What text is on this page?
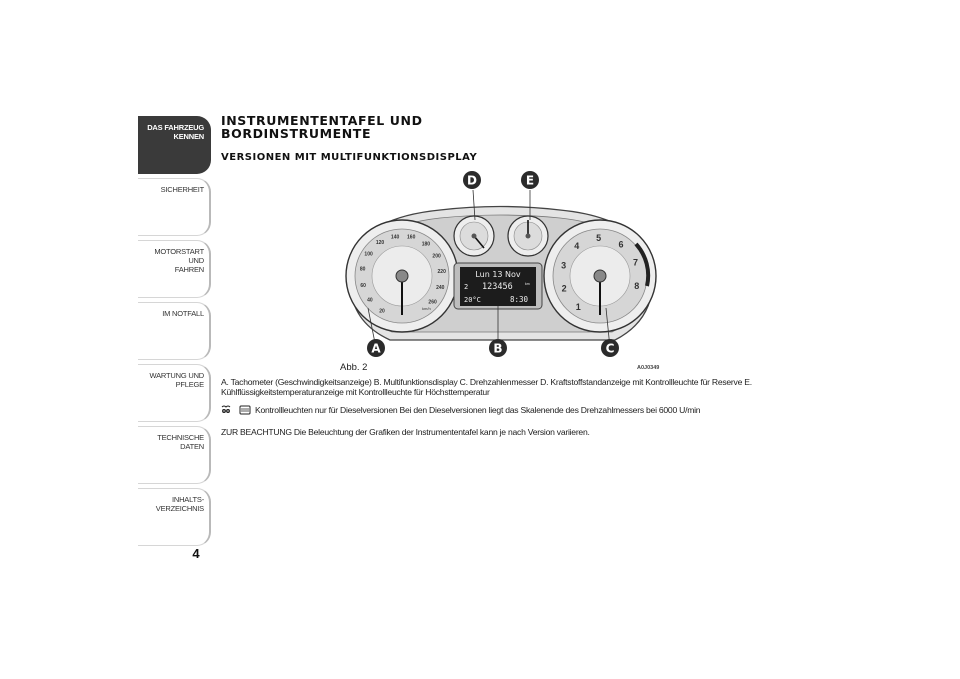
DAS FAHRZEUG
KENNEN
SICHERHEIT
MOTORSTART UND
FAHREN
IM NOTFALL
WARTUNG UND
PFLEGE
TECHNISCHE DATEN
INHALTS-
VERZEICHNIS
4
INSTRUMENTENTAFEL UND
BORDINSTRUMENTE
VERSIONEN MIT MULTIFUNKTIONSDISPLAY
20
40
60
80
100
120
140 160
180
200
220
240
260
km/h
Lun 13 Nov
2 123456	km
20°C	8:30
1
2
3
4
5
6
7
8
A	B	C
D	E
Abb. 2	A0J0349
A. Tachometer (Geschwindigkeitsanzeige) B. Multifunktionsdisplay C. Drehzahlenmesser D. Kraftstoffstandanzeige mit Kontrollleuchte für Reserve E. Kühlflüssigkeitstemperaturanzeige mit Kontrollleuchte für Höchsttemperatur
Kontrollleuchten nur für Dieselversionen Bei den Dieselversionen liegt das Skalenende des Drehzahlmessers bei 6000 U/min
ZUR BEACHTUNG Die Beleuchtung der Grafiken der Instrumententafel kann je nach Version variieren.
